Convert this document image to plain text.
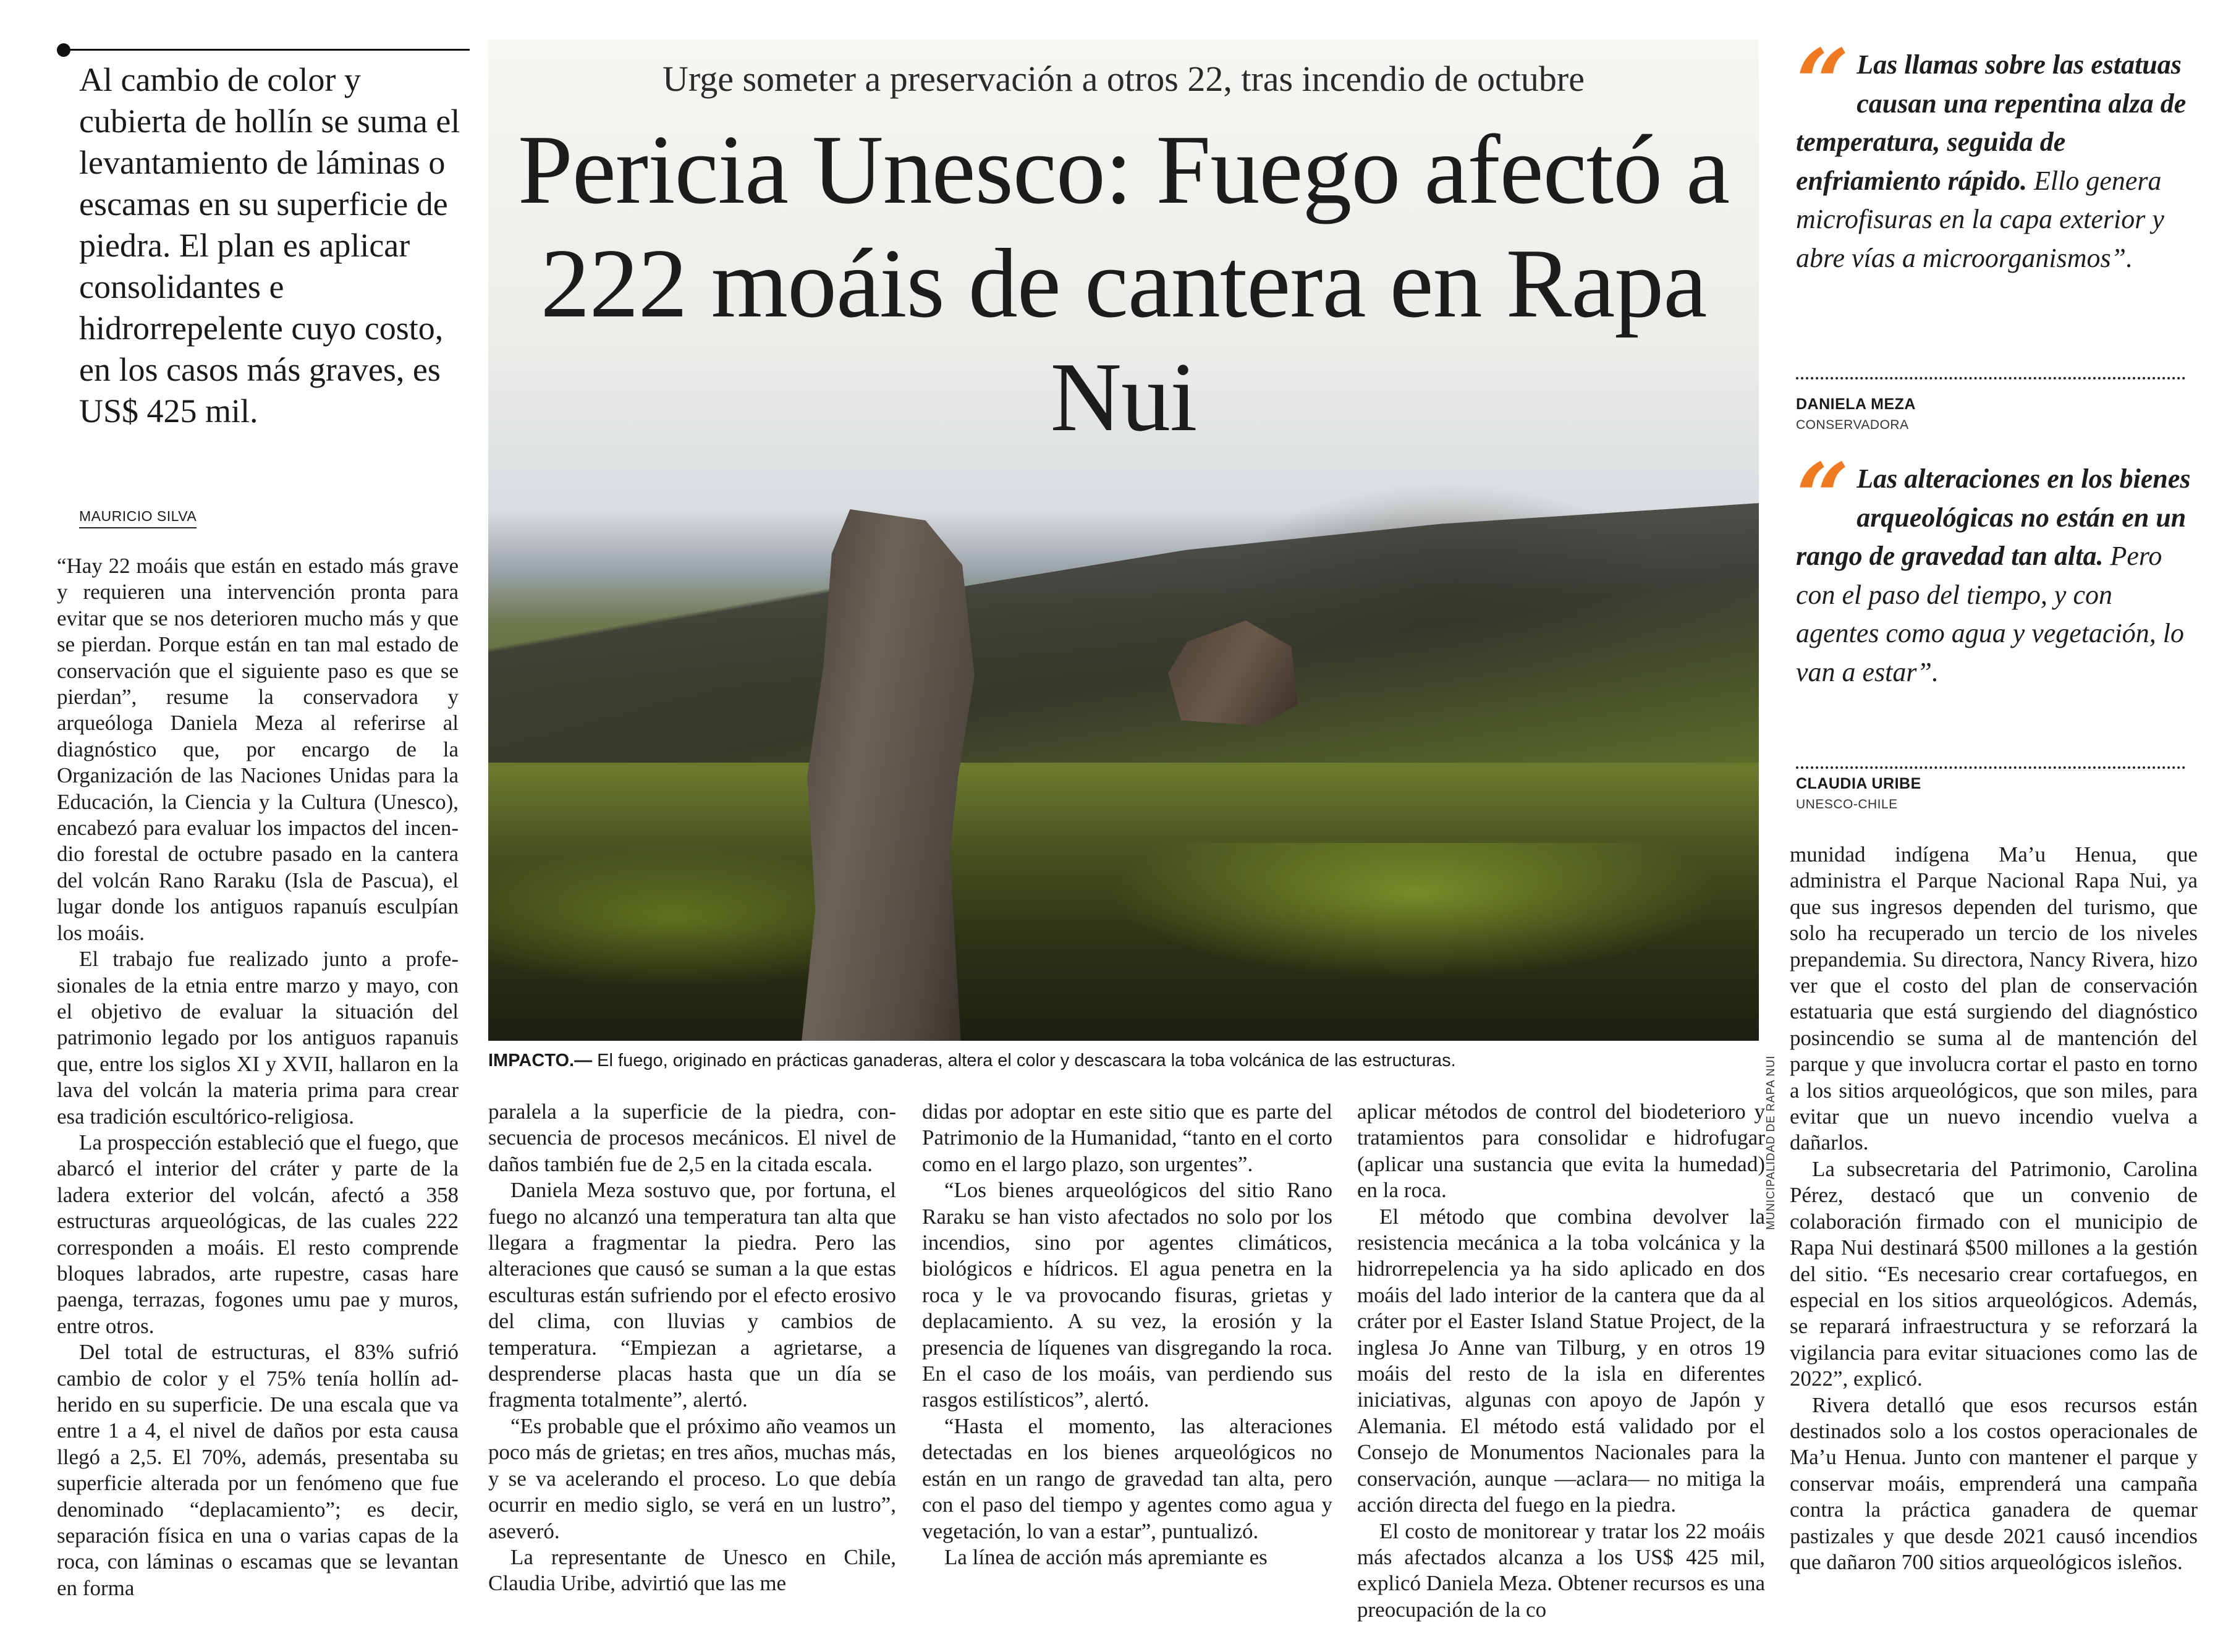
Al cambio de color y cubierta de hollín se suma el levantamiento de láminas o escamas en su superficie de piedra. El plan es aplicar consolidantes e hidrorrepelente cuyo costo, en los casos más graves, es US$ 425 mil.
MAURICIO SILVA

“Hay 22 moáis que están en estado más grave y requieren una intervención pronta para evitar que se nos deterioren mucho más y que se pierdan. Porque están en tan mal estado de conservación que el siguiente paso es que se pierdan”, resume la conservadora y arqueóloga Daniela Meza al referirse al diagnóstico que, por encargo de la Organización de las Naciones Unidas para la Educación, la Ciencia y la Cultura (Unesco), encabezó para evaluar los impactos del incendio forestal de octubre pasado en la cantera del volcán Rano Raraku (Isla de Pascua), el lugar donde los antiguos rapanuís esculpían los moáis.

El trabajo fue realizado junto a profesionales de la etnia entre marzo y mayo, con el objetivo de evaluar la situación del patrimonio legado por los antiguos rapanuis que, entre los siglos XI y XVII, hallaron en la lava del volcán la materia prima para crear esa tradición escultórico-religiosa.

La prospección estableció que el fuego, que abarcó el interior del cráter y parte de la ladera exterior del volcán, afectó a 358 estructuras arqueológicas, de las cuales 222 corresponden a moáis. El resto comprende bloques labrados, arte rupestre, casas hare paenga, terrazas, fogones umu pae y muros, entre otros.

Del total de estructuras, el 83% sufrió cambio de color y el 75% tenía hollín adherido en su superficie. De una escala que va entre 1 a 4, el nivel de daños por esta causa llegó a 2,5. El 70%, además, presentaba su superficie alterada por un fenómeno que fue denominado “deplacamiento”; es decir, separación física en una o varias capas de la roca, con láminas o escamas que se levantan en forma

paralela a la superficie de la piedra, consecuencia de procesos mecánicos. El nivel de daños también fue de 2,5 en la citada escala.

Daniela Meza sostuvo que, por fortuna, el fuego no alcanzó una temperatura tan alta que llegara a fragmentar la piedra. Pero las alteraciones que causó se suman a la que estas esculturas están sufriendo por el efecto erosivo del clima, con lluvias y cambios de temperatura. “Empiezan a agrietarse, a desprenderse placas hasta que un día se fragmenta totalmente”, alertó.

“Es probable que el próximo año veamos un poco más de grietas; en tres años, muchas más, y se va acelerando el proceso. Lo que debía ocurrir en medio siglo, se verá en un lustro”, aseveró.

La representante de Unesco en Chile, Claudia Uribe, advirtió que las me

didas por adoptar en este sitio que es parte del Patrimonio de la Humanidad, “tanto en el corto como en el largo plazo, son urgentes”.

“Los bienes arqueológicos del sitio Rano Raraku se han visto afectados no solo por los incendios, sino por agentes climáticos, biológicos e hídricos. El agua penetra en la roca y le va provocando fisuras, grietas y deplacamiento. A su vez, la erosión y la presencia de líquenes van disgregando la roca. En el caso de los moáis, van perdiendo sus rasgos estilísticos”, alertó.

“Hasta el momento, las alteraciones detectadas en los bienes arqueológicos no están en un rango de gravedad tan alta, pero con el paso del tiempo y agentes como agua y vegetación, lo van a estar”, puntualizó.

La línea de acción más apremiante es

aplicar métodos de control del biodeterioro y tratamientos para consolidar e hidrofugar (aplicar una sustancia que evita la humedad) en la roca.

El método que combina devolver la resistencia mecánica a la toba volcánica y la hidrorrepelencia ya ha sido aplicado en dos moáis del lado interior de la cantera que da al cráter por el Easter Island Statue Project, de la inglesa Jo Anne van Tilburg, y en otros 19 moáis del resto de la isla en diferentes iniciativas, algunas con apoyo de Japón y Alemania. El método está validado por el Consejo de Monumentos Nacionales para la conservación, aunque —aclara— no mitiga la acción directa del fuego en la piedra.

El costo de monitorear y tratar los 22 moáis más afectados alcanza a los US$ 425 mil, explicó Daniela Meza. Obtener recursos es una preocupación de la co

munidad indígena Ma’u Henua, que administra el Parque Nacional Rapa Nui, ya que sus ingresos dependen del turismo, que solo ha recuperado un tercio de los niveles prepandemia. Su directora, Nancy Rivera, hizo ver que el costo del plan de conservación estatuaria que está surgiendo del diagnóstico posincendio se suma al de mantención del parque y que involucra cortar el pasto en torno a los sitios arqueológicos, que son miles, para evitar que un nuevo incendio vuelva a dañarlos.

La subsecretaria del Patrimonio, Carolina Pérez, destacó que un convenio de colaboración firmado con el municipio de Rapa Nui destinará $500 millones a la gestión del sitio. “Es necesario crear cortafuegos, en especial en los sitios arqueológicos. Además, se reparará infraestructura y se reforzará la vigilancia para evitar situaciones como las de 2022”, explicó.

Rivera detalló que esos recursos están destinados solo a los costos operacionales de Ma’u Henua. Junto con mantener el parque y conservar moáis, emprenderá una campaña contra la práctica ganadera de quemar pastizales y que desde 2021 causó incendios que dañaron 700 sitios arqueológicos isleños.

Urge someter a preservación a otros 22, tras incendio de octubre
Pericia Unesco: Fuego afectó a 222 moáis de cantera en Rapa Nui
MUNICIPALIDAD DE RAPA NUI
IMPACTO.— El fuego, originado en prácticas ganaderas, altera el color y descascara la toba volcánica de las estructuras.
“ Las llamas sobre las estatuas causan una repentina alza de temperatura, seguida de enfriamiento rápido. Ello genera microfisuras en la capa exterior y abre vías a microorganismos”.
DANIELA MEZA
CONSERVADORA
“ Las alteraciones en los bienes arqueológicas no están en un rango de gravedad tan alta. Pero con el paso del tiempo, y con agentes como agua y vegetación, lo van a estar”.
CLAUDIA URIBE
UNESCO-CHILE
